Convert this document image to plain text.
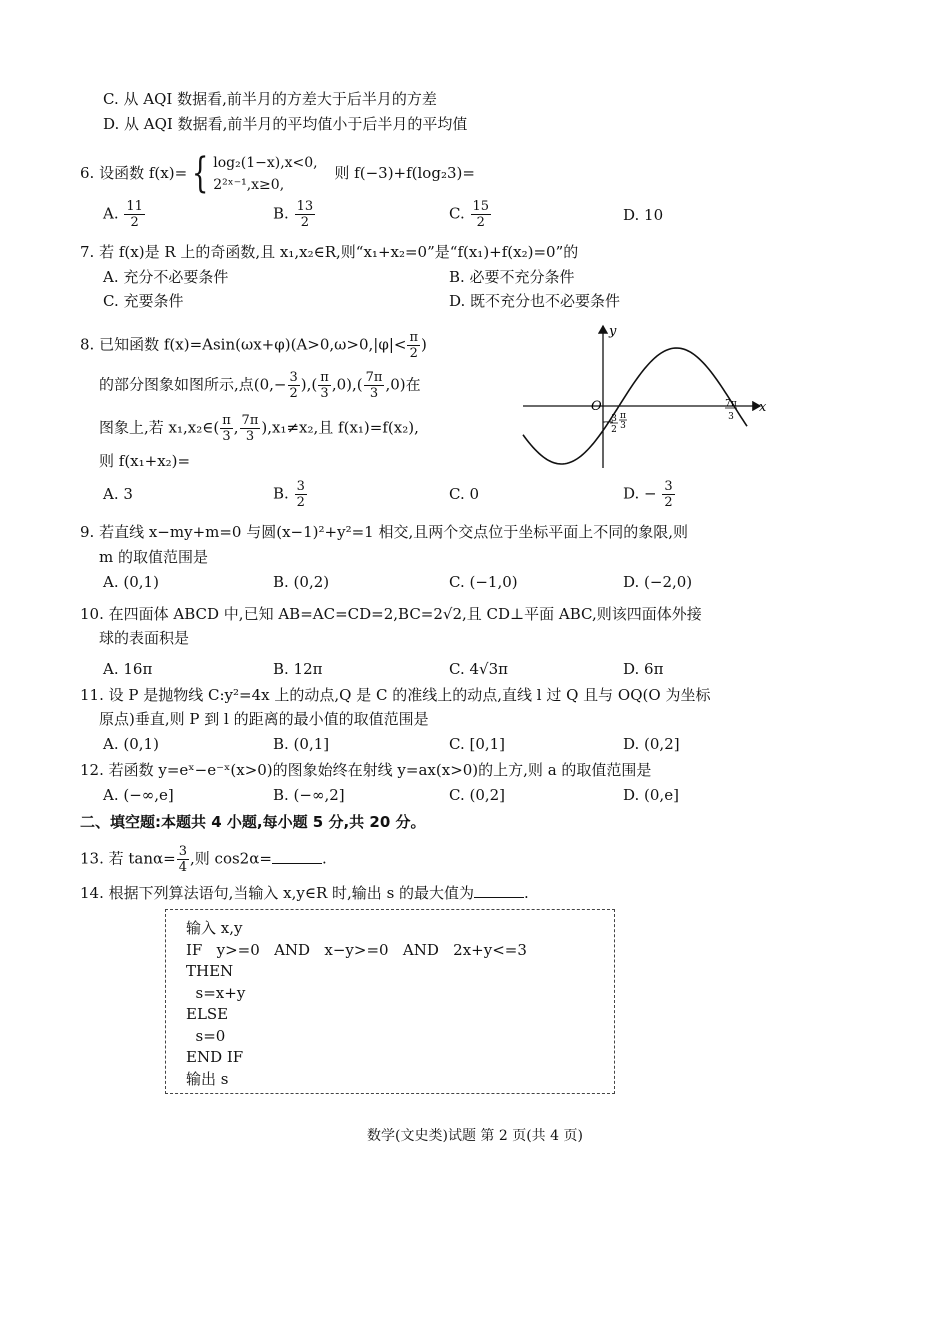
C. 从 AQI 数据看,前半月的方差大于后半月的方差
D. 从 AQI 数据看,前半月的平均值小于后半月的平均值
6. 设函数 f(x)= { log₂(1−x),x<0,
2²ˣ⁻¹,x≥0,
则 f(−3)+f(log₂3)=
A. $\frac{11}{2}$	B. $\frac{13}{2}$	C. $\frac{15}{2}$	D. 10
7. 若 f(x)是 R 上的奇函数,且 x₁,x₂∈R,则“x₁+x₂=0”是“f(x₁)+f(x₂)=0”的
A. 充分不必要条件	B. 必要不充分条件
C. 充要条件	D. 既不充分也不必要条件
8. 已知函数 $f(x)=Asin(\omega x+\varphi)(A>0,\omega>0,|\varphi|< \frac{\pi}{2}$ )
的部分图象如图所示,点($0,- \frac{3}{2}$ ),( $\frac{\pi}{3} ,0),( \frac{7\pi}{3} ,0)$在
图象上,若 x₁,x₂∈( $\frac{\pi}{3}$ , $\frac{7\pi}{3} ),x_1\ne x_2$,且 f(x₁)=f(x₂),
则 f(x₁+x₂)=
A. 3	B. $\frac{3}{2}$	C. 0	D. − $\frac{3}{2}$
y
x
O
π
3
7π
3
−
3
2
9. 若直线 x−my+m=0 与圆(x−1)²+y²=1 相交,且两个交点位于坐标平面上不同的象限,则
m 的取值范围是
A. (0,1)	B. (0,2)	C. (−1,0)	D. (−2,0)
10. 在四面体 ABCD 中,已知 AB=AC=CD=2,BC=2√2,且 CD⊥平面 ABC,则该四面体外接
球的表面积是
A. 16π	B. 12π	C. 4√3π	D. 6π
11. 设 P 是抛物线 C:y²=4x 上的动点,Q 是 C 的准线上的动点,直线 l 过 Q 且与 OQ(O 为坐标
原点)垂直,则 P 到 l 的距离的最小值的取值范围是
A. (0,1)	B. (0,1]	C. [0,1]	D. (0,2]
12. 若函数 y=eˣ−e⁻ˣ(x>0)的图象始终在射线 y=ax(x>0)的上方,则 a 的取值范围是
A. (−∞,e]	B. (−∞,2]	C. (0,2]	D. (0,e]
二、填空题:本题共 4 小题,每小题 5 分,共 20 分。
13. 若 $\tan\alpha= \frac{3}{4}$ ,则 cos2α=	.
14. 根据下列算法语句,当输入 x,y∈R 时,输出 s 的最大值为	.
输入 x,y
IF   y>=0   AND   x−y>=0   AND   2x+y<=3
THEN
s=x+y
ELSE
s=0
END IF
输出 s
数学(文史类)试题 第 2 页(共 4 页)
